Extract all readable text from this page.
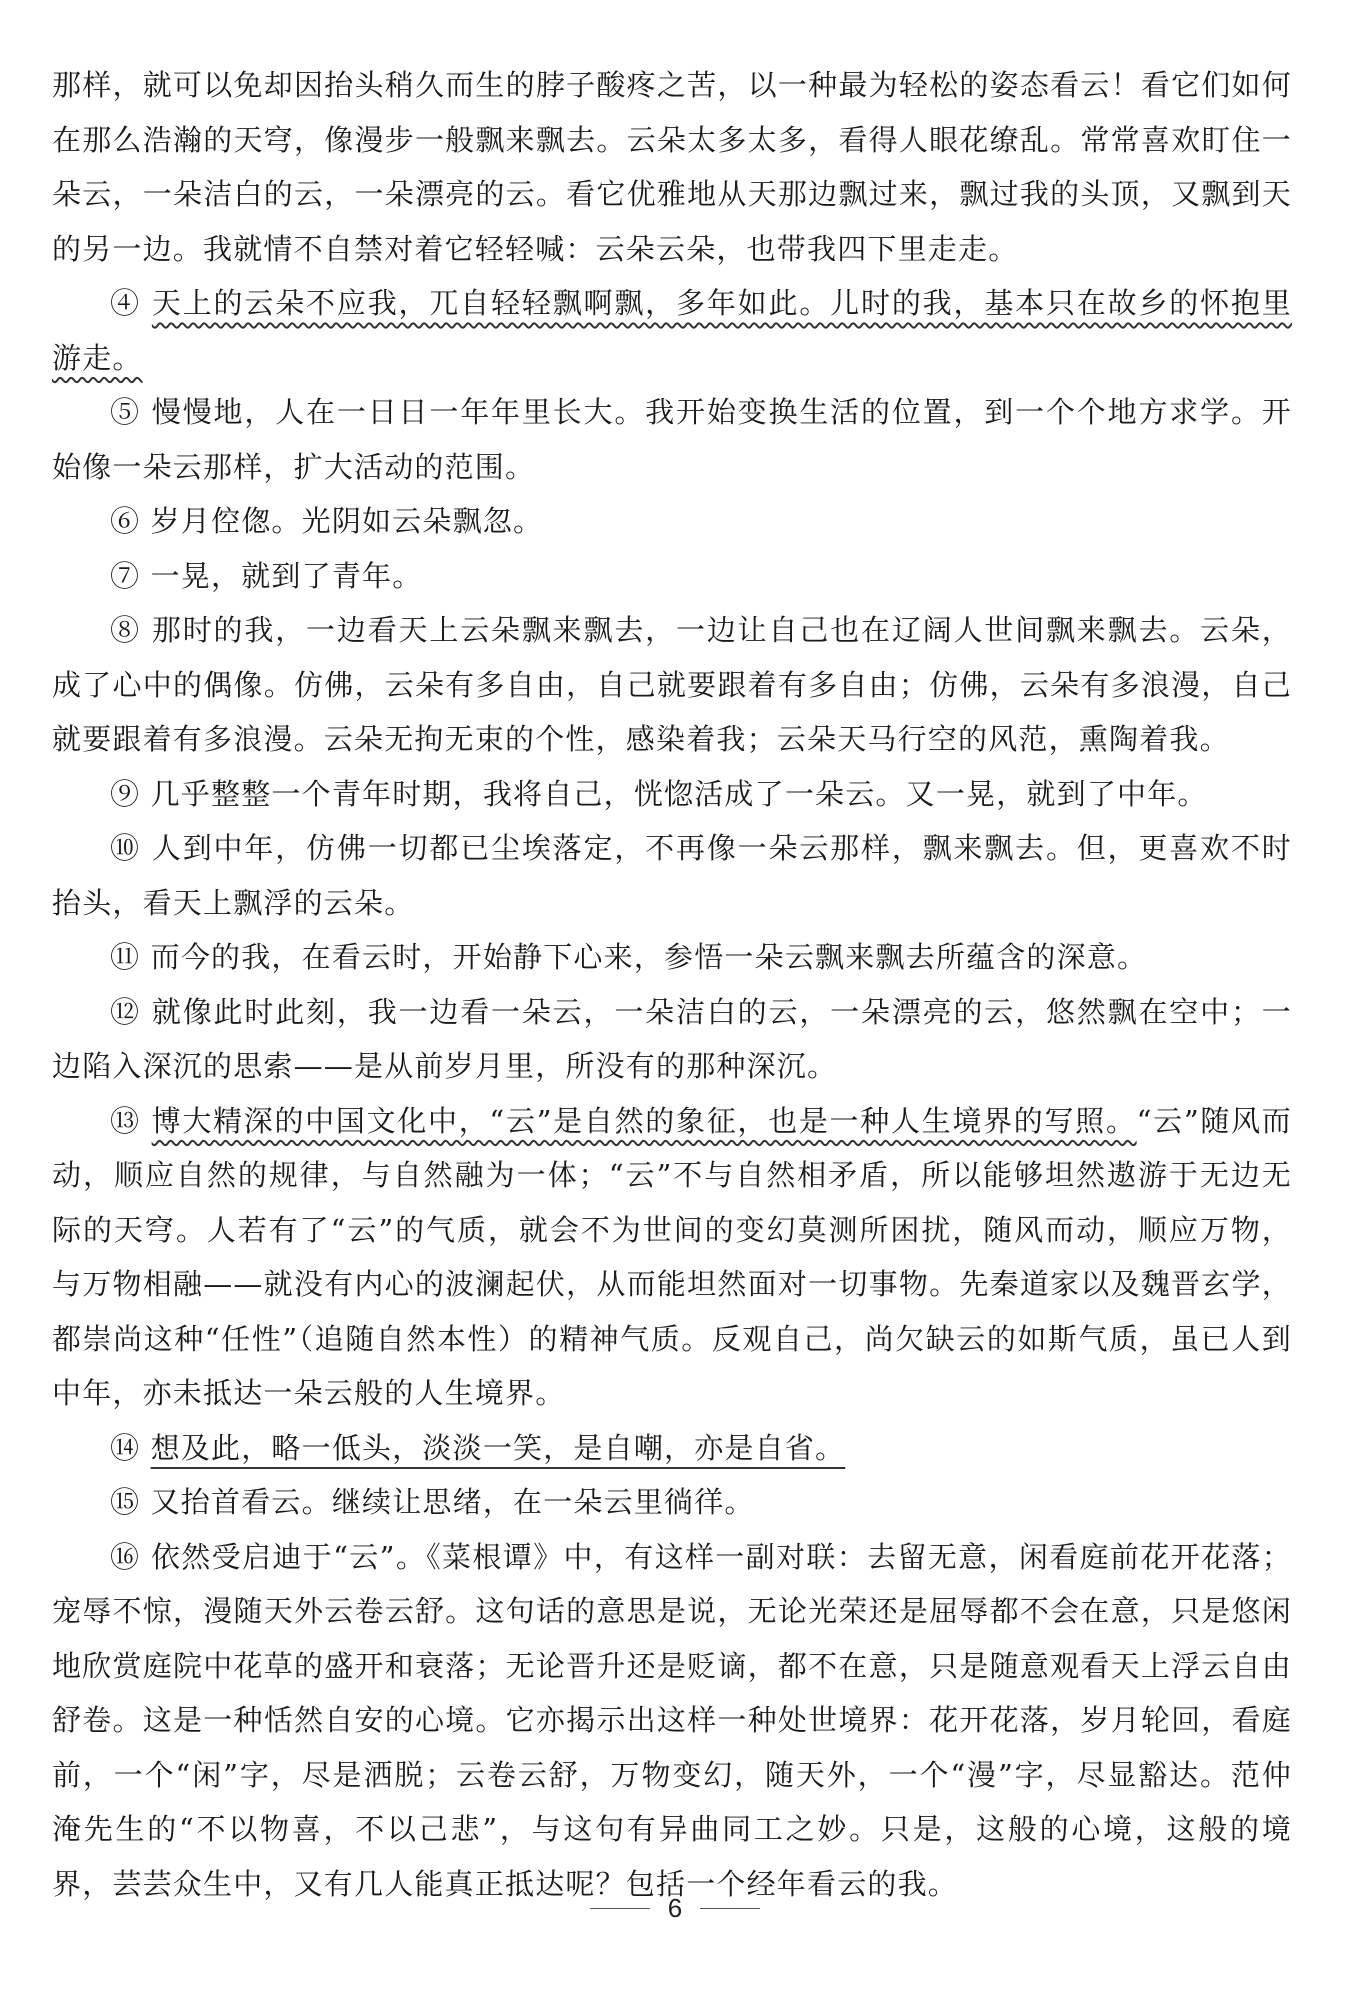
那样，就可以免却因抬头稍久而生的脖子酸疼之苦，以一种最为轻松的姿态看云！看它们如何在那么浩瀚的天穹，像漫步一般飘来飘去。云朵太多太多，看得人眼花缭乱。常常喜欢盯住一朵云，一朵洁白的云，一朵漂亮的云。看它优雅地从天那边飘过来，飘过我的头顶，又飘到天的另一边。我就情不自禁对着它轻轻喊：云朵云朵，也带我四下里走走。

④ 天上的云朵不应我，兀自轻轻飘啊飘，多年如此。儿时的我，基本只在故乡的怀抱里游走。

⑤ 慢慢地，人在一日日一年年里长大。我开始变换生活的位置，到一个个地方求学。开始像一朵云那样，扩大活动的范围。

⑥ 岁月倥偬。光阴如云朵飘忽。

⑦ 一晃，就到了青年。

⑧ 那时的我，一边看天上云朵飘来飘去，一边让自己也在辽阔人世间飘来飘去。云朵，成了心中的偶像。仿佛，云朵有多自由，自己就要跟着有多自由；仿佛，云朵有多浪漫，自己就要跟着有多浪漫。云朵无拘无束的个性，感染着我；云朵天马行空的风范，熏陶着我。

⑨ 几乎整整一个青年时期，我将自己，恍惚活成了一朵云。又一晃，就到了中年。

⑩ 人到中年，仿佛一切都已尘埃落定，不再像一朵云那样，飘来飘去。但，更喜欢不时抬头，看天上飘浮的云朵。

⑪ 而今的我，在看云时，开始静下心来，参悟一朵云飘来飘去所蕴含的深意。

⑫ 就像此时此刻，我一边看一朵云，一朵洁白的云，一朵漂亮的云，悠然飘在空中；一边陷入深沉的思索——是从前岁月里，所没有的那种深沉。

⑬ 博大精深的中国文化中，“云”是自然的象征，也是一种人生境界的写照。“云”随风而动，顺应自然的规律，与自然融为一体；“云”不与自然相矛盾，所以能够坦然遨游于无边无际的天穹。人若有了“云”的气质，就会不为世间的变幻莫测所困扰，随风而动，顺应万物，与万物相融——就没有内心的波澜起伏，从而能坦然面对一切事物。先秦道家以及魏晋玄学，都崇尚这种“任性”（追随自然本性）的精神气质。反观自己，尚欠缺云的如斯气质，虽已人到中年，亦未抵达一朵云般的人生境界。

⑭ 想及此，略一低头，淡淡一笑，是自嘲，亦是自省。

⑮ 又抬首看云。继续让思绪，在一朵云里徜徉。

⑯ 依然受启迪于“云”。《菜根谭》中，有这样一副对联：去留无意，闲看庭前花开花落；宠辱不惊，漫随天外云卷云舒。这句话的意思是说，无论光荣还是屈辱都不会在意，只是悠闲地欣赏庭院中花草的盛开和衰落；无论晋升还是贬谪，都不在意，只是随意观看天上浮云自由舒卷。这是一种恬然自安的心境。它亦揭示出这样一种处世境界：花开花落，岁月轮回，看庭前，一个“闲”字，尽是洒脱；云卷云舒，万物变幻，随天外，一个“漫”字，尽显豁达。范仲淹先生的“不以物喜，不以己悲”，与这句有异曲同工之妙。只是，这般的心境，这般的境界，芸芸众生中，又有几人能真正抵达呢？包括一个经年看云的我。

6
